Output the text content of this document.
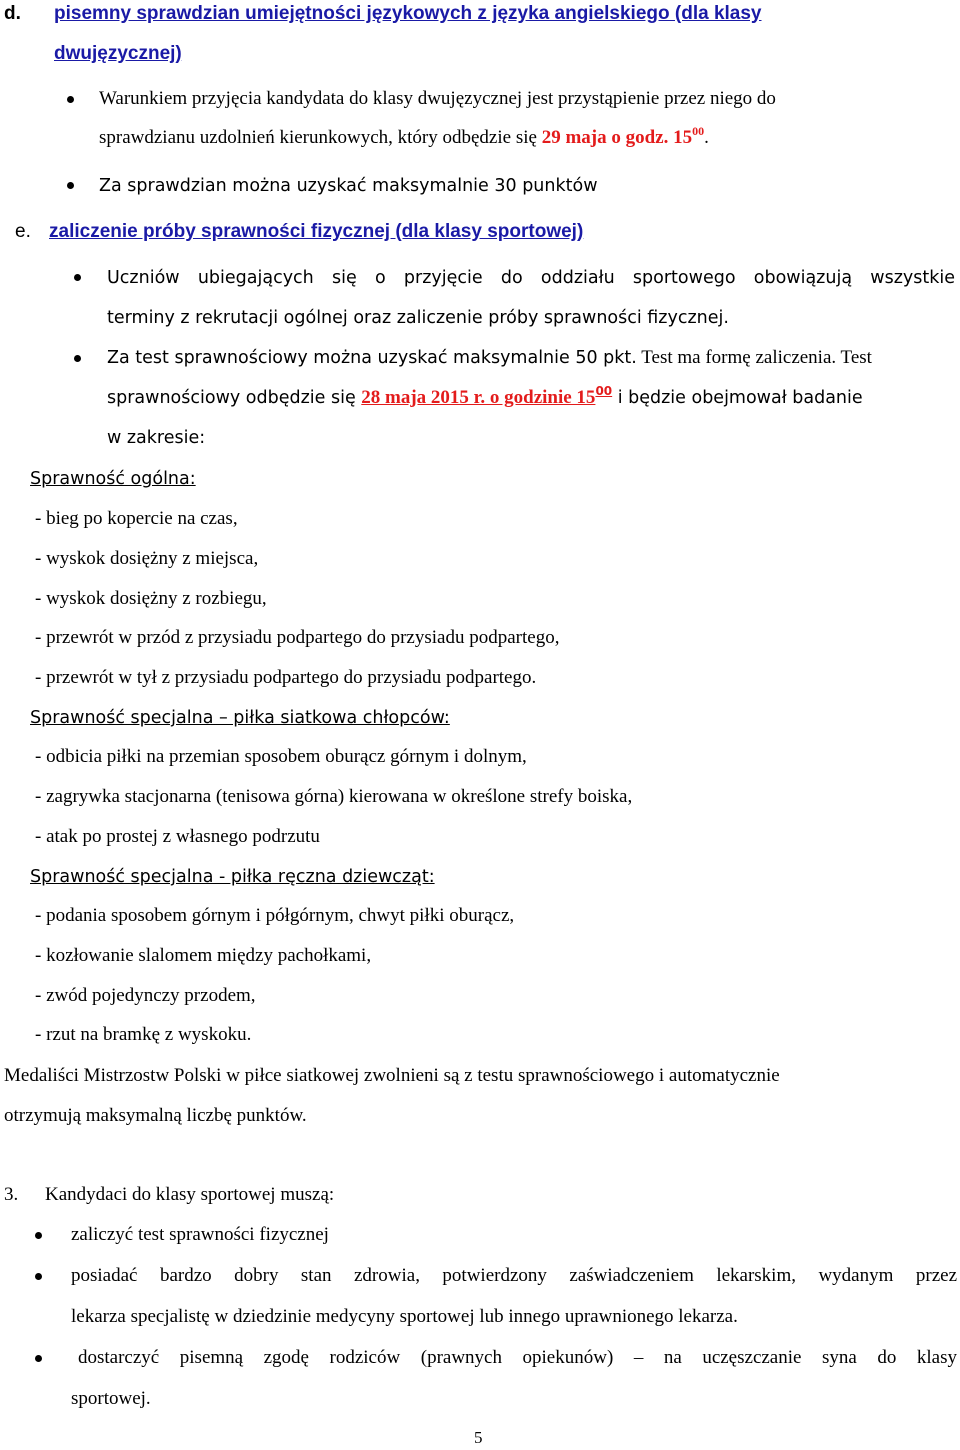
d. pisemny sprawdzian umiejętności językowych z języka angielskiego (dla klasy
dwujęzycznej)
Warunkiem przyjęcia kandydata do klasy dwujęzycznej jest przystąpienie przez niego do
sprawdzianu uzdolnień kierunkowych, który odbędzie się 29 maja o godz. $15^{00}$.
Za sprawdzian można uzyskać maksymalnie 30 punktów
e. zaliczenie próby sprawności fizycznej (dla klasy sportowej)
Uczniów ubiegających się o przyjęcie do oddziału sportowego obowiązują wszystkie
terminy z rekrutacji ogólnej oraz zaliczenie próby sprawności fizycznej.
Za test sprawnościowy można uzyskać maksymalnie 50 pkt. Test ma formę zaliczenia. Test
sprawnościowy odbędzie się 28 maja 2015 r. o godzinie $15^{00}$ i będzie obejmował badanie
w zakresie:
Sprawność ogólna:
- bieg po kopercie na czas,
- wyskok dosiężny z miejsca,
- wyskok dosiężny z rozbiegu,
- przewrót w przód z przysiadu podpartego do przysiadu podpartego,
- przewrót w tył z przysiadu podpartego do przysiadu podpartego.
Sprawność specjalna – piłka siatkowa chłopców:
- odbicia piłki na przemian sposobem oburącz górnym i dolnym,
- zagrywka stacjonarna (tenisowa górna) kierowana w określone strefy boiska,
- atak po prostej z własnego podrzutu
Sprawność specjalna - piłka ręczna dziewcząt:
- podania sposobem górnym i półgórnym, chwyt piłki oburącz,
- kozłowanie slalomem między pachołkami,
- zwód pojedynczy przodem,
- rzut na bramkę z wyskoku.
Medaliści Mistrzostw Polski w piłce siatkowej zwolnieni są z testu sprawnościowego i automatycznie
otrzymują maksymalną liczbę punktów.
3. Kandydaci do klasy sportowej muszą:
zaliczyć test sprawności fizycznej
posiadać bardzo dobry stan zdrowia, potwierdzony zaświadczeniem lekarskim, wydanym przez
lekarza specjalistę w dziedzinie medycyny sportowej lub innego uprawnionego lekarza.
dostarczyć pisemną zgodę rodziców (prawnych opiekunów) – na uczęszczanie syna do klasy
sportowej.
5
